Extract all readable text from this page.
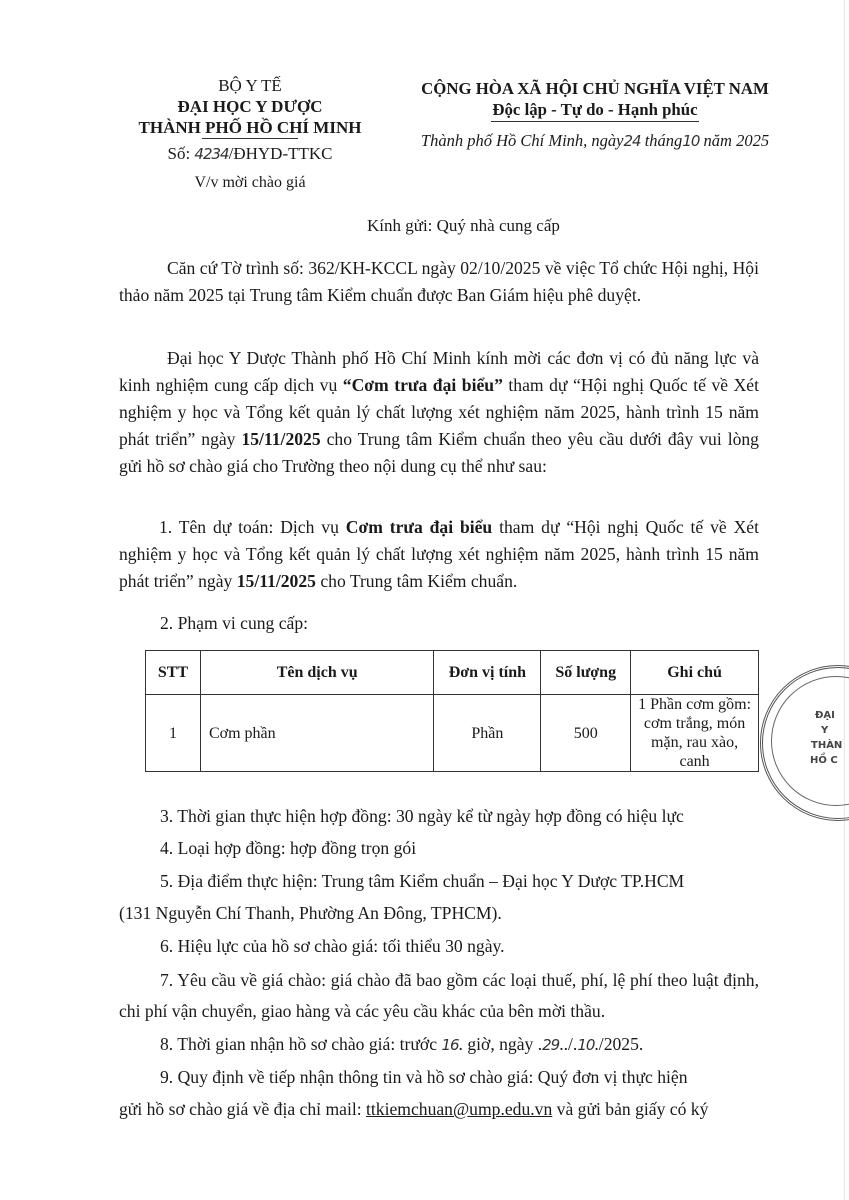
BỘ Y TẾ
ĐẠI HỌC Y DƯỢC
THÀNH PHỐ HỒ CHÍ MINH
Số: 4234/ĐHYD-TTKC
V/v mời chào giá
CỘNG HÒA XÃ HỘI CHỦ NGHĨA VIỆT NAM
Độc lập - Tự do - Hạnh phúc
Thành phố Hồ Chí Minh, ngày24 tháng10 năm 2025
Kính gửi: Quý nhà cung cấp
Căn cứ Tờ trình số: 362/KH-KCCL ngày 02/10/2025 về việc Tổ chức Hội nghị, Hội thảo năm 2025 tại Trung tâm Kiểm chuẩn được Ban Giám hiệu phê duyệt.
Đại học Y Dược Thành phố Hồ Chí Minh kính mời các đơn vị có đủ năng lực và kinh nghiệm cung cấp dịch vụ “Cơm trưa đại biểu” tham dự “Hội nghị Quốc tế về Xét nghiệm y học và Tổng kết quản lý chất lượng xét nghiệm năm 2025, hành trình 15 năm phát triển” ngày 15/11/2025 cho Trung tâm Kiểm chuẩn theo yêu cầu dưới đây vui lòng gửi hồ sơ chào giá cho Trường theo nội dung cụ thể như sau:
1. Tên dự toán: Dịch vụ Cơm trưa đại biểu tham dự “Hội nghị Quốc tế về Xét nghiệm y học và Tổng kết quản lý chất lượng xét nghiệm năm 2025, hành trình 15 năm phát triển” ngày 15/11/2025 cho Trung tâm Kiểm chuẩn.
2. Phạm vi cung cấp:
STT	Tên dịch vụ	Đơn vị tính	Số lượng	Ghi chú
1	Cơm phần	Phần	500	1 Phần cơm gồm: cơm trắng, món mặn, rau xào, canh
ĐẠI
Y
THÀN
HỒ C
3. Thời gian thực hiện hợp đồng: 30 ngày kể từ ngày hợp đồng có hiệu lực
4. Loại hợp đồng: hợp đồng trọn gói
5. Địa điểm thực hiện: Trung tâm Kiểm chuẩn – Đại học Y Dược TP.HCM
(131 Nguyễn Chí Thanh, Phường An Đông, TPHCM).
6. Hiệu lực của hồ sơ chào giá: tối thiểu 30 ngày.
7. Yêu cầu về giá chào: giá chào đã bao gồm các loại thuế, phí, lệ phí theo luật định, chi phí vận chuyển, giao hàng và các yêu cầu khác của bên mời thầu.
8. Thời gian nhận hồ sơ chào giá: trước 16. giờ, ngày .29../.10./2025.
9. Quy định về tiếp nhận thông tin và hồ sơ chào giá: Quý đơn vị thực hiện
gửi hồ sơ chào giá về địa chỉ mail: ttkiemchuan@ump.edu.vn và gửi bản giấy có ký
